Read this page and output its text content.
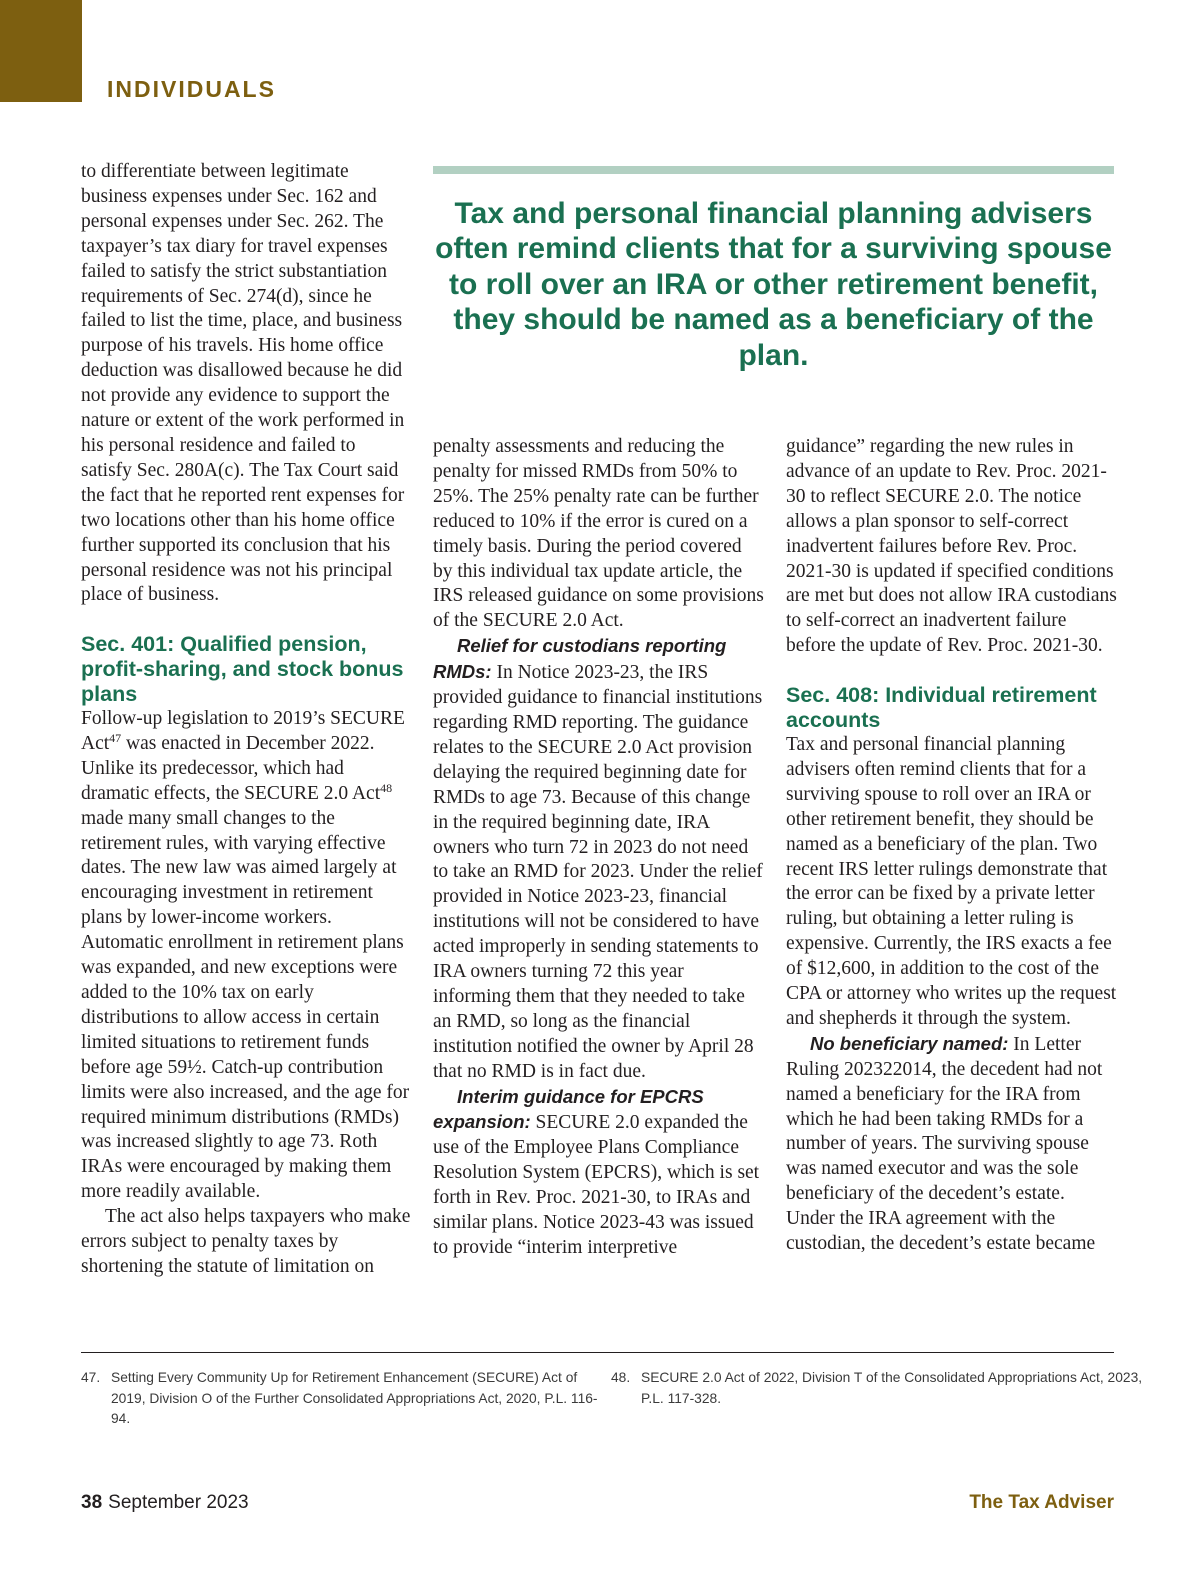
INDIVIDUALS

Tax and personal financial planning advisers often remind clients that for a surviving spouse to roll over an IRA or other retirement benefit, they should be named as a beneficiary of the plan.

to differentiate between legitimate business expenses under Sec. 162 and personal expenses under Sec. 262. The taxpayer’s tax diary for travel expenses failed to satisfy the strict substantiation requirements of Sec. 274(d), since he failed to list the time, place, and business purpose of his travels. His home office deduction was disallowed because he did not provide any evidence to support the nature or extent of the work performed in his personal residence and failed to satisfy Sec. 280A(c). The Tax Court said the fact that he reported rent expenses for two locations other than his home office further supported its conclusion that his personal residence was not his principal place of business.

Sec. 401: Qualified pension, profit-sharing, and stock bonus plans

Follow-up legislation to 2019’s SECURE Act$^{47}$ was enacted in December 2022. Unlike its predecessor, which had dramatic effects, the SECURE 2.0 Act$^{48}$ made many small changes to the retirement rules, with varying effective dates. The new law was aimed largely at encouraging investment in retirement plans by lower-income workers. Automatic enrollment in retirement plans was expanded, and new exceptions were added to the 10% tax on early distributions to allow access in certain limited situations to retirement funds before age 59½. Catch-up contribution limits were also increased, and the age for required minimum distributions (RMDs) was increased slightly to age 73. Roth IRAs were encouraged by making them more readily available.

The act also helps taxpayers who make errors subject to penalty taxes by shortening the statute of limitation on

penalty assessments and reducing the penalty for missed RMDs from 50% to 25%. The 25% penalty rate can be further reduced to 10% if the error is cured on a timely basis. During the period covered by this individual tax update article, the IRS released guidance on some provisions of the SECURE 2.0 Act.

Relief for custodians reporting RMDs: In Notice 2023-23, the IRS provided guidance to financial institutions regarding RMD reporting. The guidance relates to the SECURE 2.0 Act provision delaying the required beginning date for RMDs to age 73. Because of this change in the required beginning date, IRA owners who turn 72 in 2023 do not need to take an RMD for 2023. Under the relief provided in Notice 2023-23, financial institutions will not be considered to have acted improperly in sending statements to IRA owners turning 72 this year informing them that they needed to take an RMD, so long as the financial institution notified the owner by April 28 that no RMD is in fact due.

Interim guidance for EPCRS expansion: SECURE 2.0 expanded the use of the Employee Plans Compliance Resolution System (EPCRS), which is set forth in Rev. Proc. 2021-30, to IRAs and similar plans. Notice 2023-43 was issued to provide “interim interpretive

guidance” regarding the new rules in advance of an update to Rev. Proc. 2021-30 to reflect SECURE 2.0. The notice allows a plan sponsor to self-correct inadvertent failures before Rev. Proc. 2021-30 is updated if specified conditions are met but does not allow IRA custodians to self-correct an inadvertent failure before the update of Rev. Proc. 2021-30.

Sec. 408: Individual retirement accounts

Tax and personal financial planning advisers often remind clients that for a surviving spouse to roll over an IRA or other retirement benefit, they should be named as a beneficiary of the plan. Two recent IRS letter rulings demonstrate that the error can be fixed by a private letter ruling, but obtaining a letter ruling is expensive. Currently, the IRS exacts a fee of $12,600, in addition to the cost of the CPA or attorney who writes up the request and shepherds it through the system.

No beneficiary named: In Letter Ruling 202322014, the decedent had not named a beneficiary for the IRA from which he had been taking RMDs for a number of years. The surviving spouse was named executor and was the sole beneficiary of the decedent’s estate. Under the IRA agreement with the custodian, the decedent’s estate became

47. Setting Every Community Up for Retirement Enhancement (SECURE) Act of 2019, Division O of the Further Consolidated Appropriations Act, 2020, P.L. 116-94.
48. SECURE 2.0 Act of 2022, Division T of the Consolidated Appropriations Act, 2023, P.L. 117-328.

38 September 2023	The Tax Adviser
